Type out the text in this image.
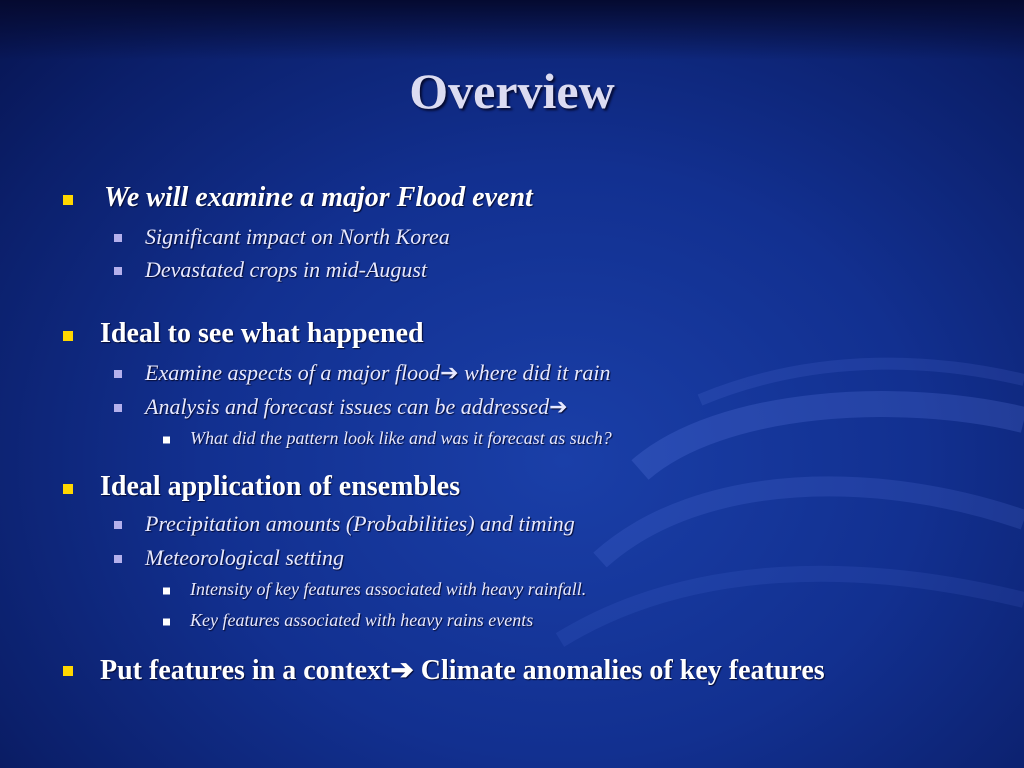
Overview
We will examine a major Flood event
Significant impact on North Korea
Devastated crops in mid-August
Ideal to see what happened
Examine aspects of a major flood➔ where did it rain
Analysis and forecast issues can be addressed➔
What did the pattern look like and was it forecast as such?
Ideal application of ensembles
Precipitation amounts (Probabilities) and timing
Meteorological setting
Intensity of key features associated with heavy rainfall.
Key features associated with heavy rains events
Put features in a context➔ Climate anomalies of key features
